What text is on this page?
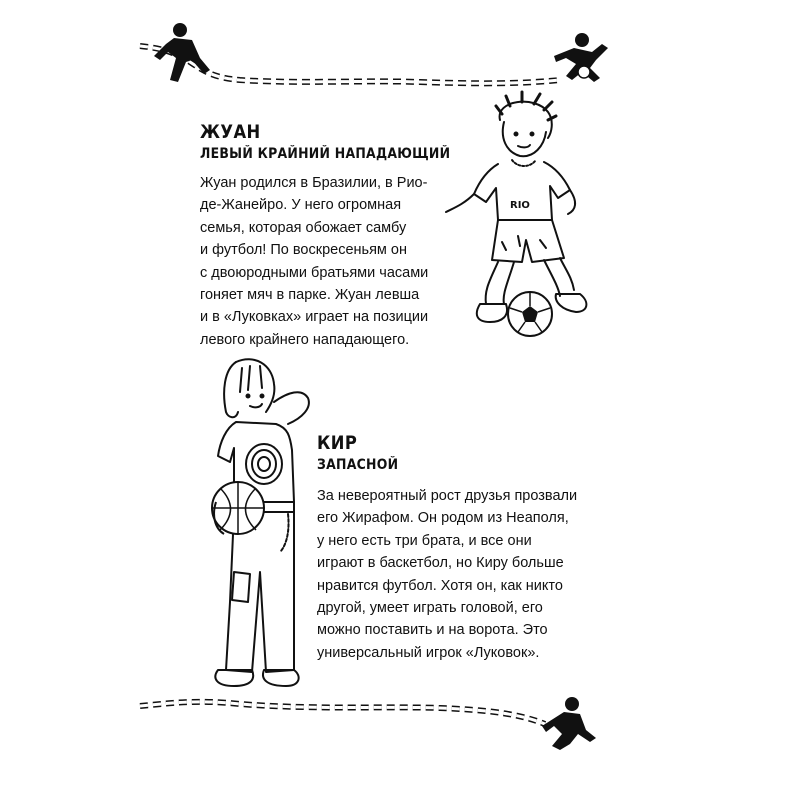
ЖУАН
ЛЕВЫЙ КРАЙНИЙ НАПАДАЮЩИЙ
Жуан родился в Бразилии, в Рио-
де-Жанейро. У него огромная
семья, которая обожает самбу
и футбол! По воскресеньям он
с двоюродными братьями часами
гоняет мяч в парке. Жуан левша
и в «Луковках» играет на позиции
левого крайнего нападающего.
RIO
КИР
ЗАПАСНОЙ
За невероятный рост друзья прозвали
его Жирафом. Он родом из Неаполя,
у него есть три брата, и все они
играют в баскетбол, но Киру больше
нравится футбол. Хотя он, как никто
другой, умеет играть головой, его
можно поставить и на ворота. Это
универсальный игрок «Луковок».
